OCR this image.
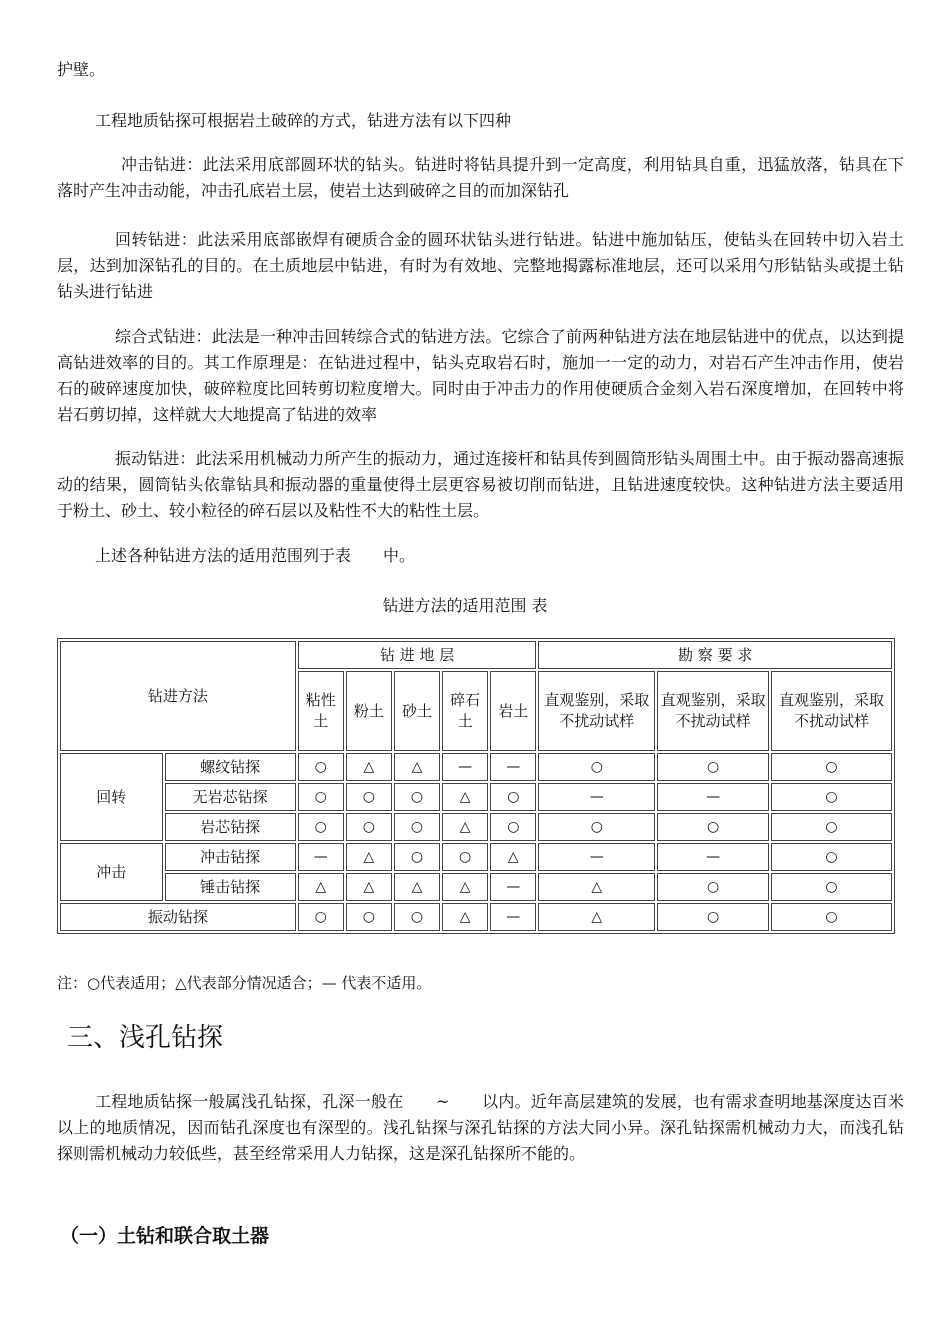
护壁。

工程地质钻探可根据岩土破碎的方式，钻进方法有以下四种

冲击钻进：此法采用底部圆环状的钻头。钻进时将钻具提升到一定高度，利用钻具自重，迅猛放落，钻具在下落时产生冲击动能，冲击孔底岩土层，使岩土达到破碎之目的而加深钻孔

回转钻进：此法采用底部嵌焊有硬质合金的圆环状钻头进行钻进。钻进中施加钻压，使钻头在回转中切入岩土层，达到加深钻孔的目的。在土质地层中钻进，有时为有效地、完整地揭露标准地层，还可以采用勺形钻钻头或提土钻钻头进行钻进

综合式钻进：此法是一种冲击回转综合式的钻进方法。它综合了前两种钻进方法在地层钻进中的优点，以达到提高钻进效率的目的。其工作原理是：在钻进过程中，钻头克取岩石时，施加一一定的动力，对岩石产生冲击作用，使岩石的破碎速度加快，破碎粒度比回转剪切粒度增大。同时由于冲击力的作用使硬质合金刻入岩石深度增加，在回转中将岩石剪切掉，这样就大大地提高了钻进的效率

振动钻进：此法采用机械动力所产生的振动力，通过连接杆和钻具传到圆筒形钻头周围土中。由于振动器高速振动的结果，圆筒钻头依靠钻具和振动器的重量使得土层更容易被切削而钻进，且钻进速度较快。这种钻进方法主要适用于粉土、砂土、较小粒径的碎石层以及粘性不大的粘性土层。

上述各种钻进方法的适用范围列于表　　中。

钻进方法的适用范围 表
钻进方法		钻 进 地 层					勘 察 要 求		
		粘性土	粉土	砂土	碎石土	岩土	直观鉴别，采取不扰动试样	直观鉴别，采取不扰动试样	直观鉴别，采取不扰动试样
回转	螺纹钻探	○	△	△	—	—	○	○	○
	无岩芯钻探	○	○	○	△	○	—	—	○
	岩芯钻探	○	○	○	△	○	○	○	○
冲击	冲击钻探	—	△	○	○	△	—	—	○
	锤击钻探	△	△	△	△	—	△	○	○
振动钻探		○	○	○	△	—	△	○	○
注：○代表适用；△代表部分情况适合；— 代表不适用。
三、浅孔钻探

工程地质钻探一般属浅孔钻探，孔深一般在　　~　　以内。近年高层建筑的发展，也有需求查明地基深度达百米以上的地质情况，因而钻孔深度也有深型的。浅孔钻探与深孔钻探的方法大同小异。深孔钻探需机械动力大，而浅孔钻探则需机械动力较低些，甚至经常采用人力钻探，这是深孔钻探所不能的。

（一）土钻和联合取土器
